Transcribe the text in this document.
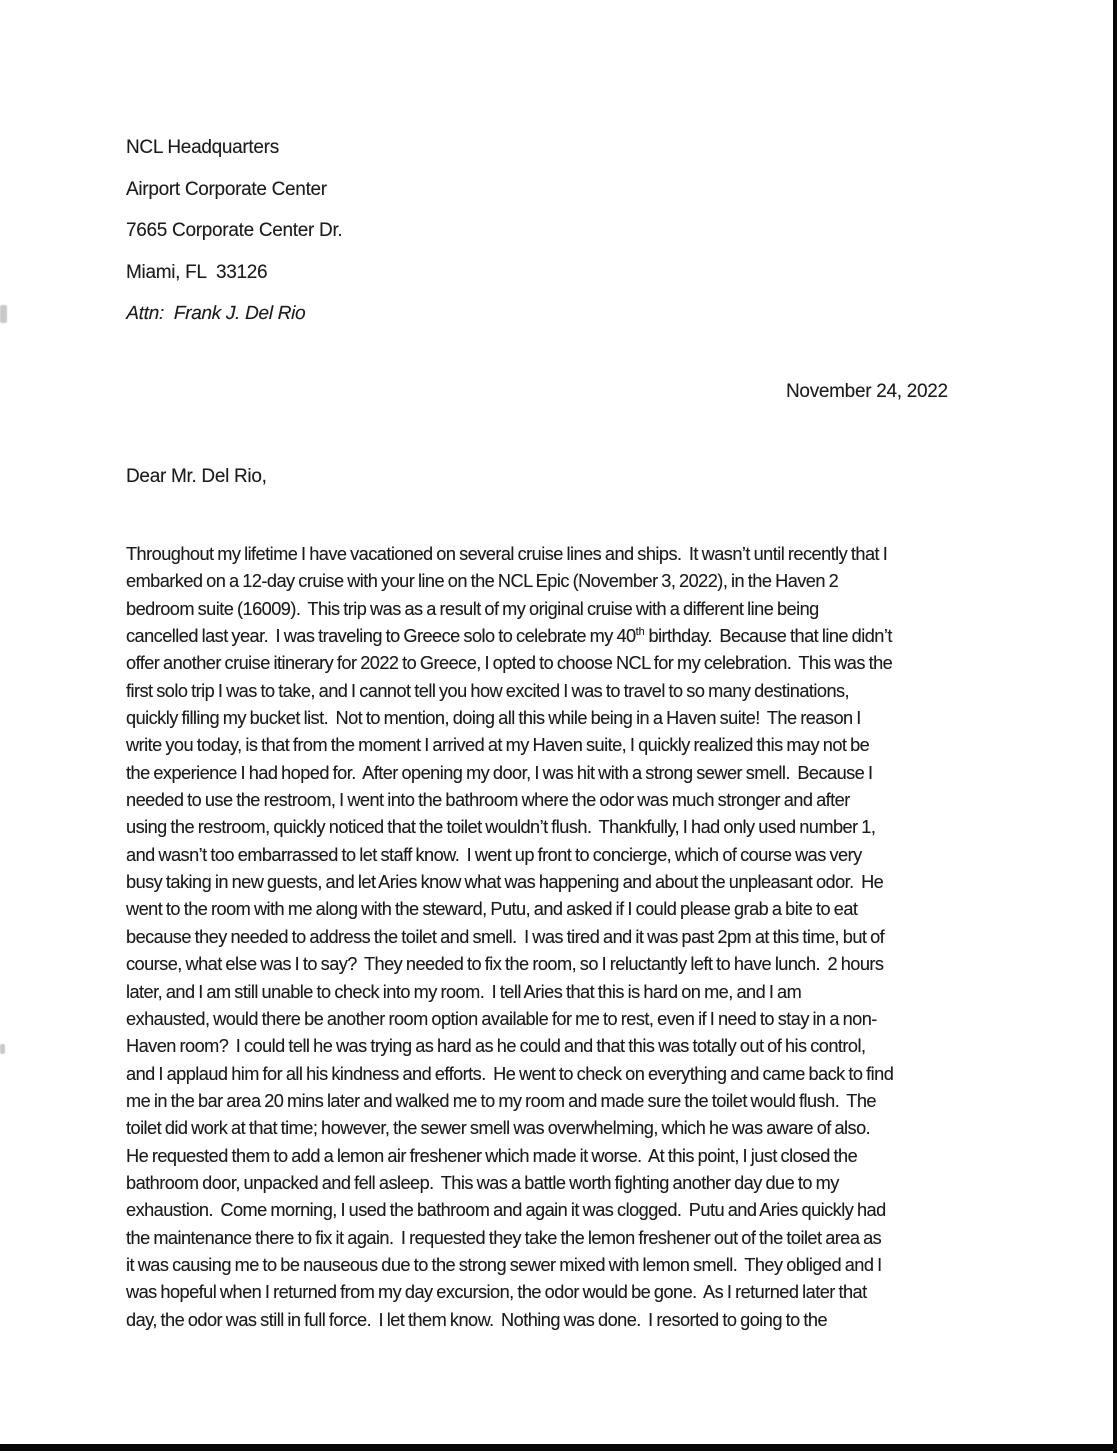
NCL Headquarters
Airport Corporate Center
7665 Corporate Center Dr.
Miami, FL  33126
Attn:  Frank J. Del Rio
November 24, 2022
Dear Mr. Del Rio,
Throughout my lifetime I have vacationed on several cruise lines and ships.  It wasn’t until recently that I
embarked on a 12-day cruise with your line on the NCL Epic (November 3, 2022), in the Haven 2
bedroom suite (16009).  This trip was as a result of my original cruise with a different line being
cancelled last year.  I was traveling to Greece solo to celebrate my 40th birthday.  Because that line didn’t
offer another cruise itinerary for 2022 to Greece, I opted to choose NCL for my celebration.  This was the
first solo trip I was to take, and I cannot tell you how excited I was to travel to so many destinations,
quickly filling my bucket list.  Not to mention, doing all this while being in a Haven suite!  The reason I
write you today, is that from the moment I arrived at my Haven suite, I quickly realized this may not be
the experience I had hoped for.  After opening my door, I was hit with a strong sewer smell.  Because I
needed to use the restroom, I went into the bathroom where the odor was much stronger and after
using the restroom, quickly noticed that the toilet wouldn’t flush.  Thankfully, I had only used number 1,
and wasn’t too embarrassed to let staff know.  I went up front to concierge, which of course was very
busy taking in new guests, and let Aries know what was happening and about the unpleasant odor.  He
went to the room with me along with the steward, Putu, and asked if I could please grab a bite to eat
because they needed to address the toilet and smell.  I was tired and it was past 2pm at this time, but of
course, what else was I to say?  They needed to fix the room, so I reluctantly left to have lunch.  2 hours
later, and I am still unable to check into my room.  I tell Aries that this is hard on me, and I am
exhausted, would there be another room option available for me to rest, even if I need to stay in a non-
Haven room?  I could tell he was trying as hard as he could and that this was totally out of his control,
and I applaud him for all his kindness and efforts.  He went to check on everything and came back to find
me in the bar area 20 mins later and walked me to my room and made sure the toilet would flush.  The
toilet did work at that time; however, the sewer smell was overwhelming, which he was aware of also.
He requested them to add a lemon air freshener which made it worse.  At this point, I just closed the
bathroom door, unpacked and fell asleep.  This was a battle worth fighting another day due to my
exhaustion.  Come morning, I used the bathroom and again it was clogged.  Putu and Aries quickly had
the maintenance there to fix it again.  I requested they take the lemon freshener out of the toilet area as
it was causing me to be nauseous due to the strong sewer mixed with lemon smell.  They obliged and I
was hopeful when I returned from my day excursion, the odor would be gone.  As I returned later that
day, the odor was still in full force.  I let them know.  Nothing was done.  I resorted to going to the
